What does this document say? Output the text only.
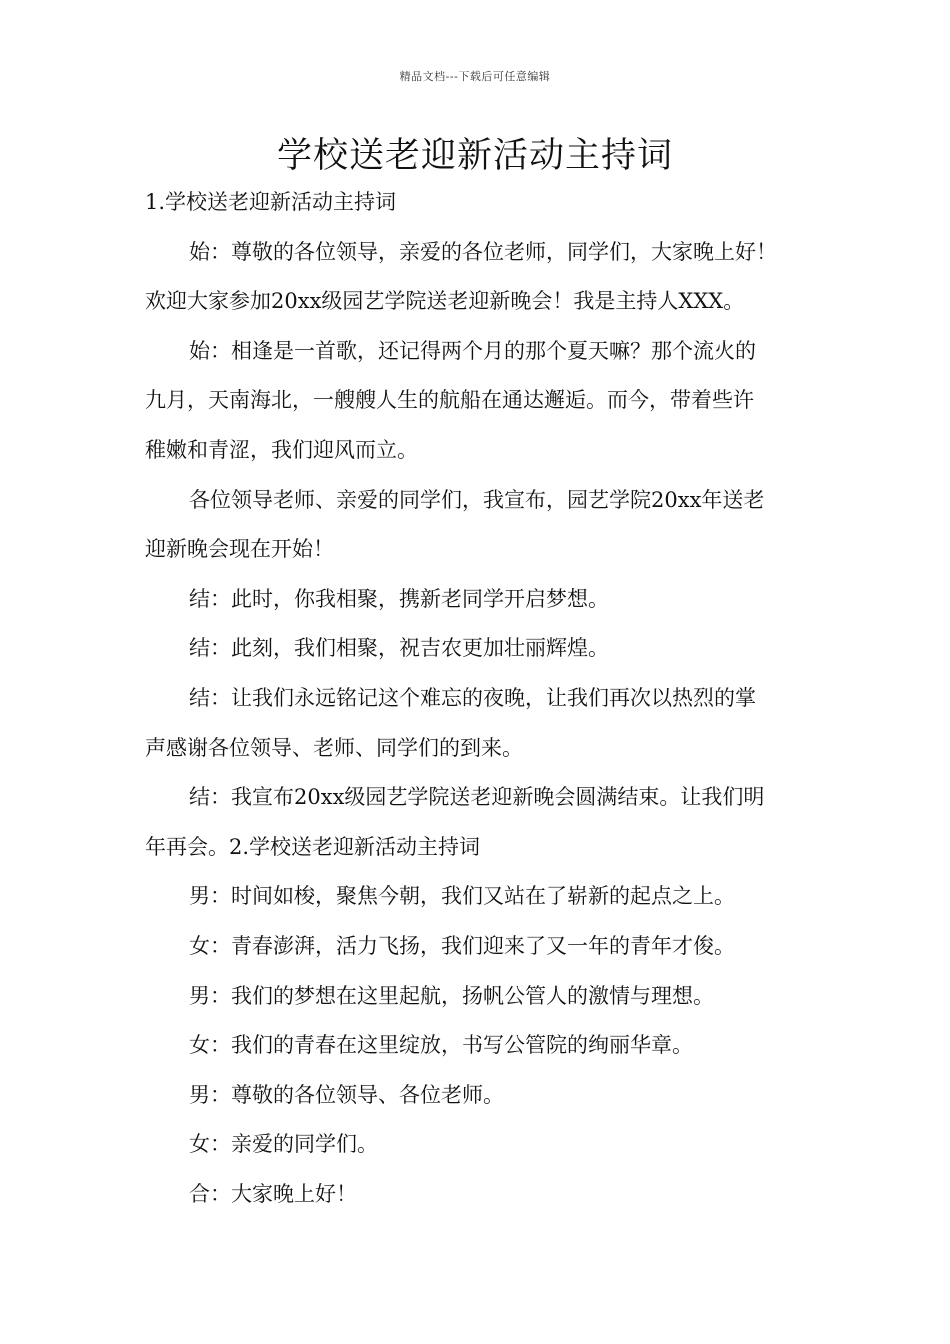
精品文档---下载后可任意编辑
学校送老迎新活动主持词
1.学校送老迎新活动主持词
始：尊敬的各位领导，亲爱的各位老师，同学们，大家晚上好！
欢迎大家参加20xx级园艺学院送老迎新晚会！我是主持人XXX。
始：相逢是一首歌，还记得两个月的那个夏天嘛？那个流火的
九月，天南海北，一艘艘人生的航船在通达邂逅。而今，带着些许
稚嫩和青涩，我们迎风而立。
各位领导老师、亲爱的同学们，我宣布，园艺学院20xx年送老
迎新晚会现在开始！
结：此时，你我相聚，携新老同学开启梦想。
结：此刻，我们相聚，祝吉农更加壮丽辉煌。
结：让我们永远铭记这个难忘的夜晚，让我们再次以热烈的掌
声感谢各位领导、老师、同学们的到来。
结：我宣布20xx级园艺学院送老迎新晚会圆满结束。让我们明
年再会。2.学校送老迎新活动主持词
男：时间如梭，聚焦今朝，我们又站在了崭新的起点之上。
女：青春澎湃，活力飞扬，我们迎来了又一年的青年才俊。
男：我们的梦想在这里起航，扬帆公管人的激情与理想。
女：我们的青春在这里绽放，书写公管院的绚丽华章。
男：尊敬的各位领导、各位老师。
女：亲爱的同学们。
合：大家晚上好！
